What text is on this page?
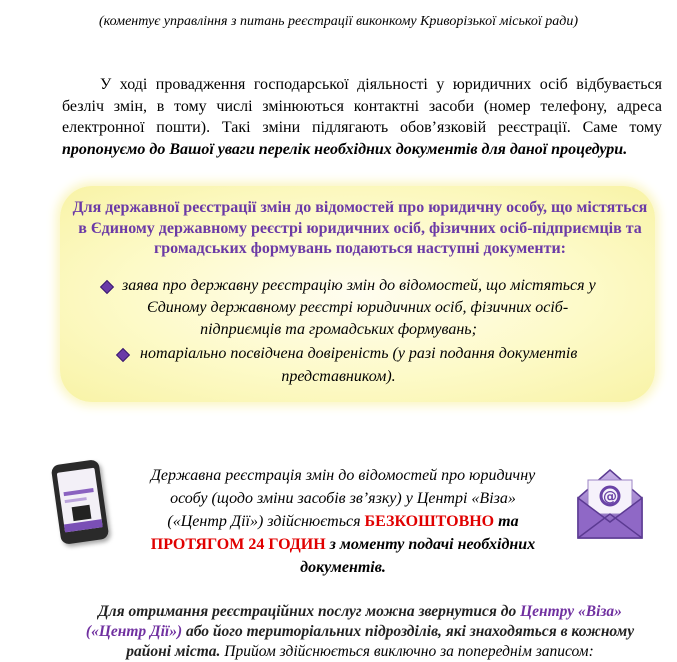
(коментує управління з питань реєстрації виконкому Криворізької міської ради)
У ході провадження господарської діяльності у юридичних осіб відбувається безліч змін, в тому числі змінюються контактні засоби (номер телефону, адреса електронної пошти). Такі зміни підлягають обов’язковій реєстрації. Саме тому пропонуємо до Вашої уваги перелік необхідних документів для даної процедури.
Для державної реєстрації змін до відомостей про юридичну особу, що містяться в Єдиному державному реєстрі юридичних осіб, фізичних осіб-підприємців та громадських формувань подаються наступні документи:
заява про державну реєстрацію змін до відомостей, що містяться у
Єдиному державному реєстрі юридичних осіб, фізичних осіб-
підприємців та громадських формувань;
нотаріально посвідчена довіреність (у разі подання документів
представником).
Державна реєстрація змін до відомостей про юридичну
особу (щодо зміни засобів зв’язку) у Центрі «Віза»
(«Центр Дії») здійснюється БЕЗКОШТОВНО та
ПРОТЯГОМ 24 ГОДИН з моменту подачі необхідних
документів.
@
Для отримання реєстраційних послуг можна звернутися до Центру «Віза»
(«Центр Дії») або його територіальних підрозділів, які знаходяться в кожному
районі міста. Прийом здійснюється виключно за попереднім записом:
